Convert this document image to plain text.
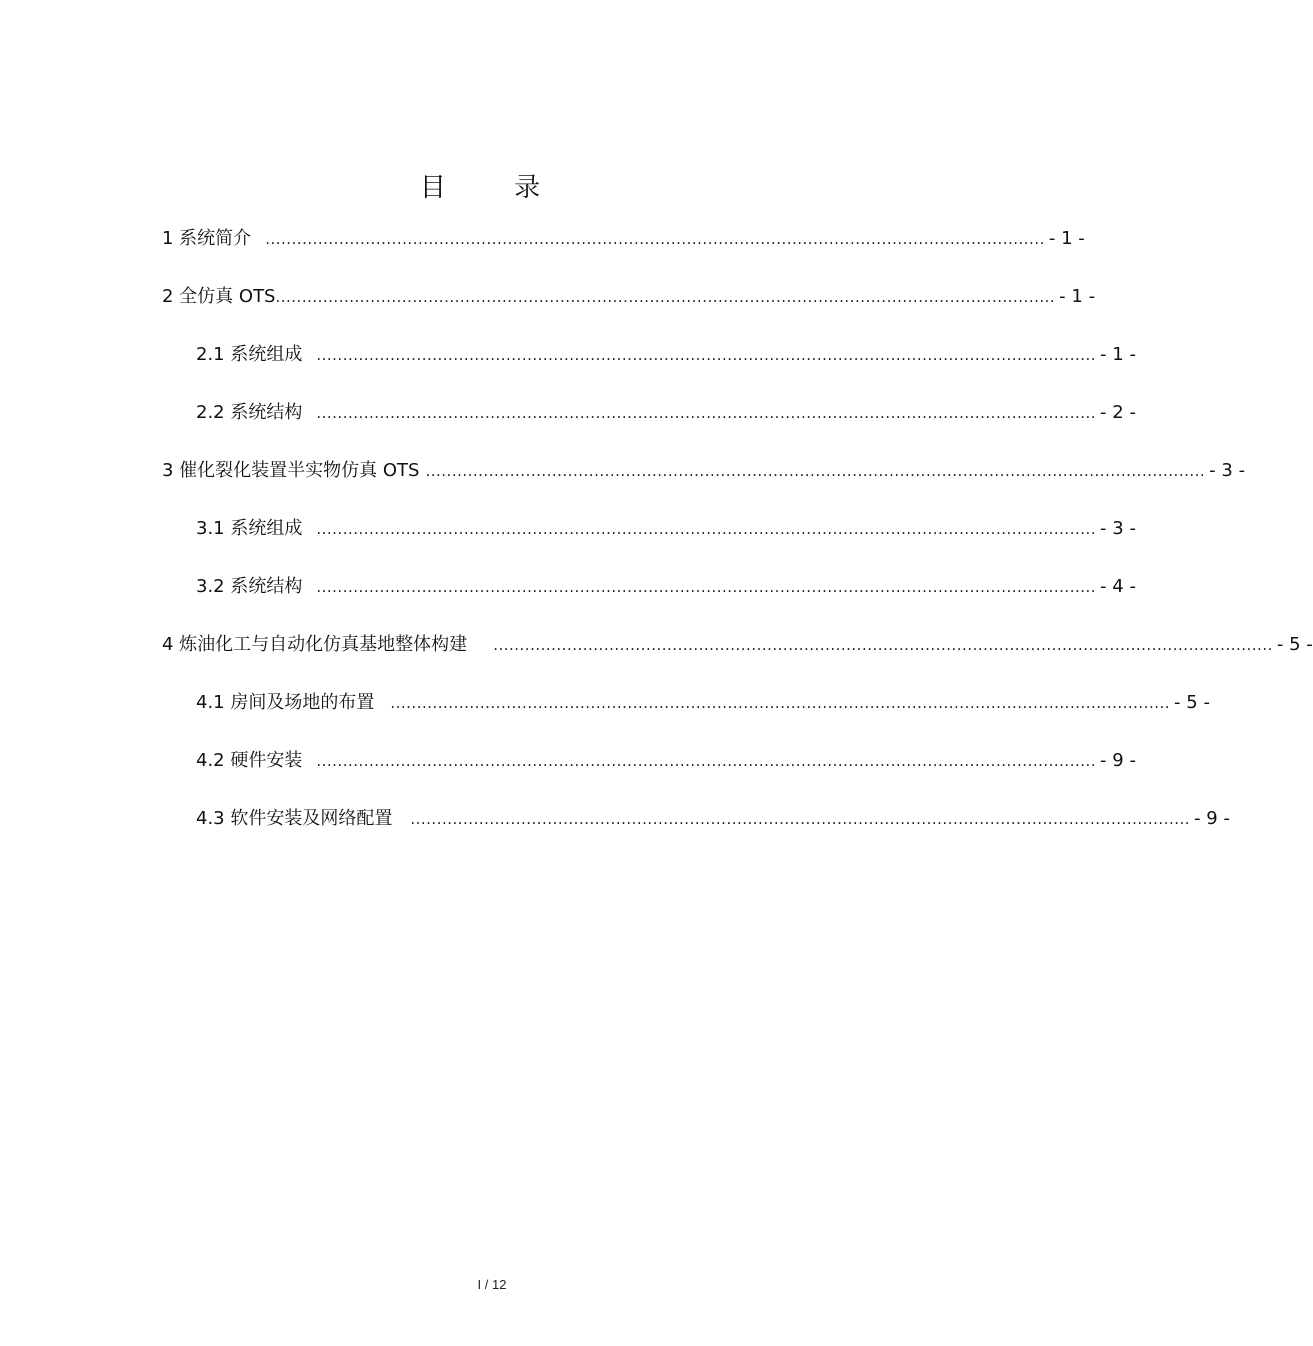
目 录
1 系统简介 .................................................................................................................................................... - 1 -
2 全仿真 OTS .................................................................................................................................................... - 1 -
2.1 系统组成 .................................................................................................................................................... - 1 -
2.2 系统结构 .................................................................................................................................................... - 2 -
3 催化裂化装置半实物仿真 OTS .................................................................................................................................................... - 3 -
3.1 系统组成 .................................................................................................................................................... - 3 -
3.2 系统结构 .................................................................................................................................................... - 4 -
4 炼油化工与自动化仿真基地整体构建 .................................................................................................................................................... - 5 -
4.1 房间及场地的布置 .................................................................................................................................................... - 5 -
4.2 硬件安装 .................................................................................................................................................... - 9 -
4.3 软件安装及网络配置 .................................................................................................................................................... - 9 -
I / 12
